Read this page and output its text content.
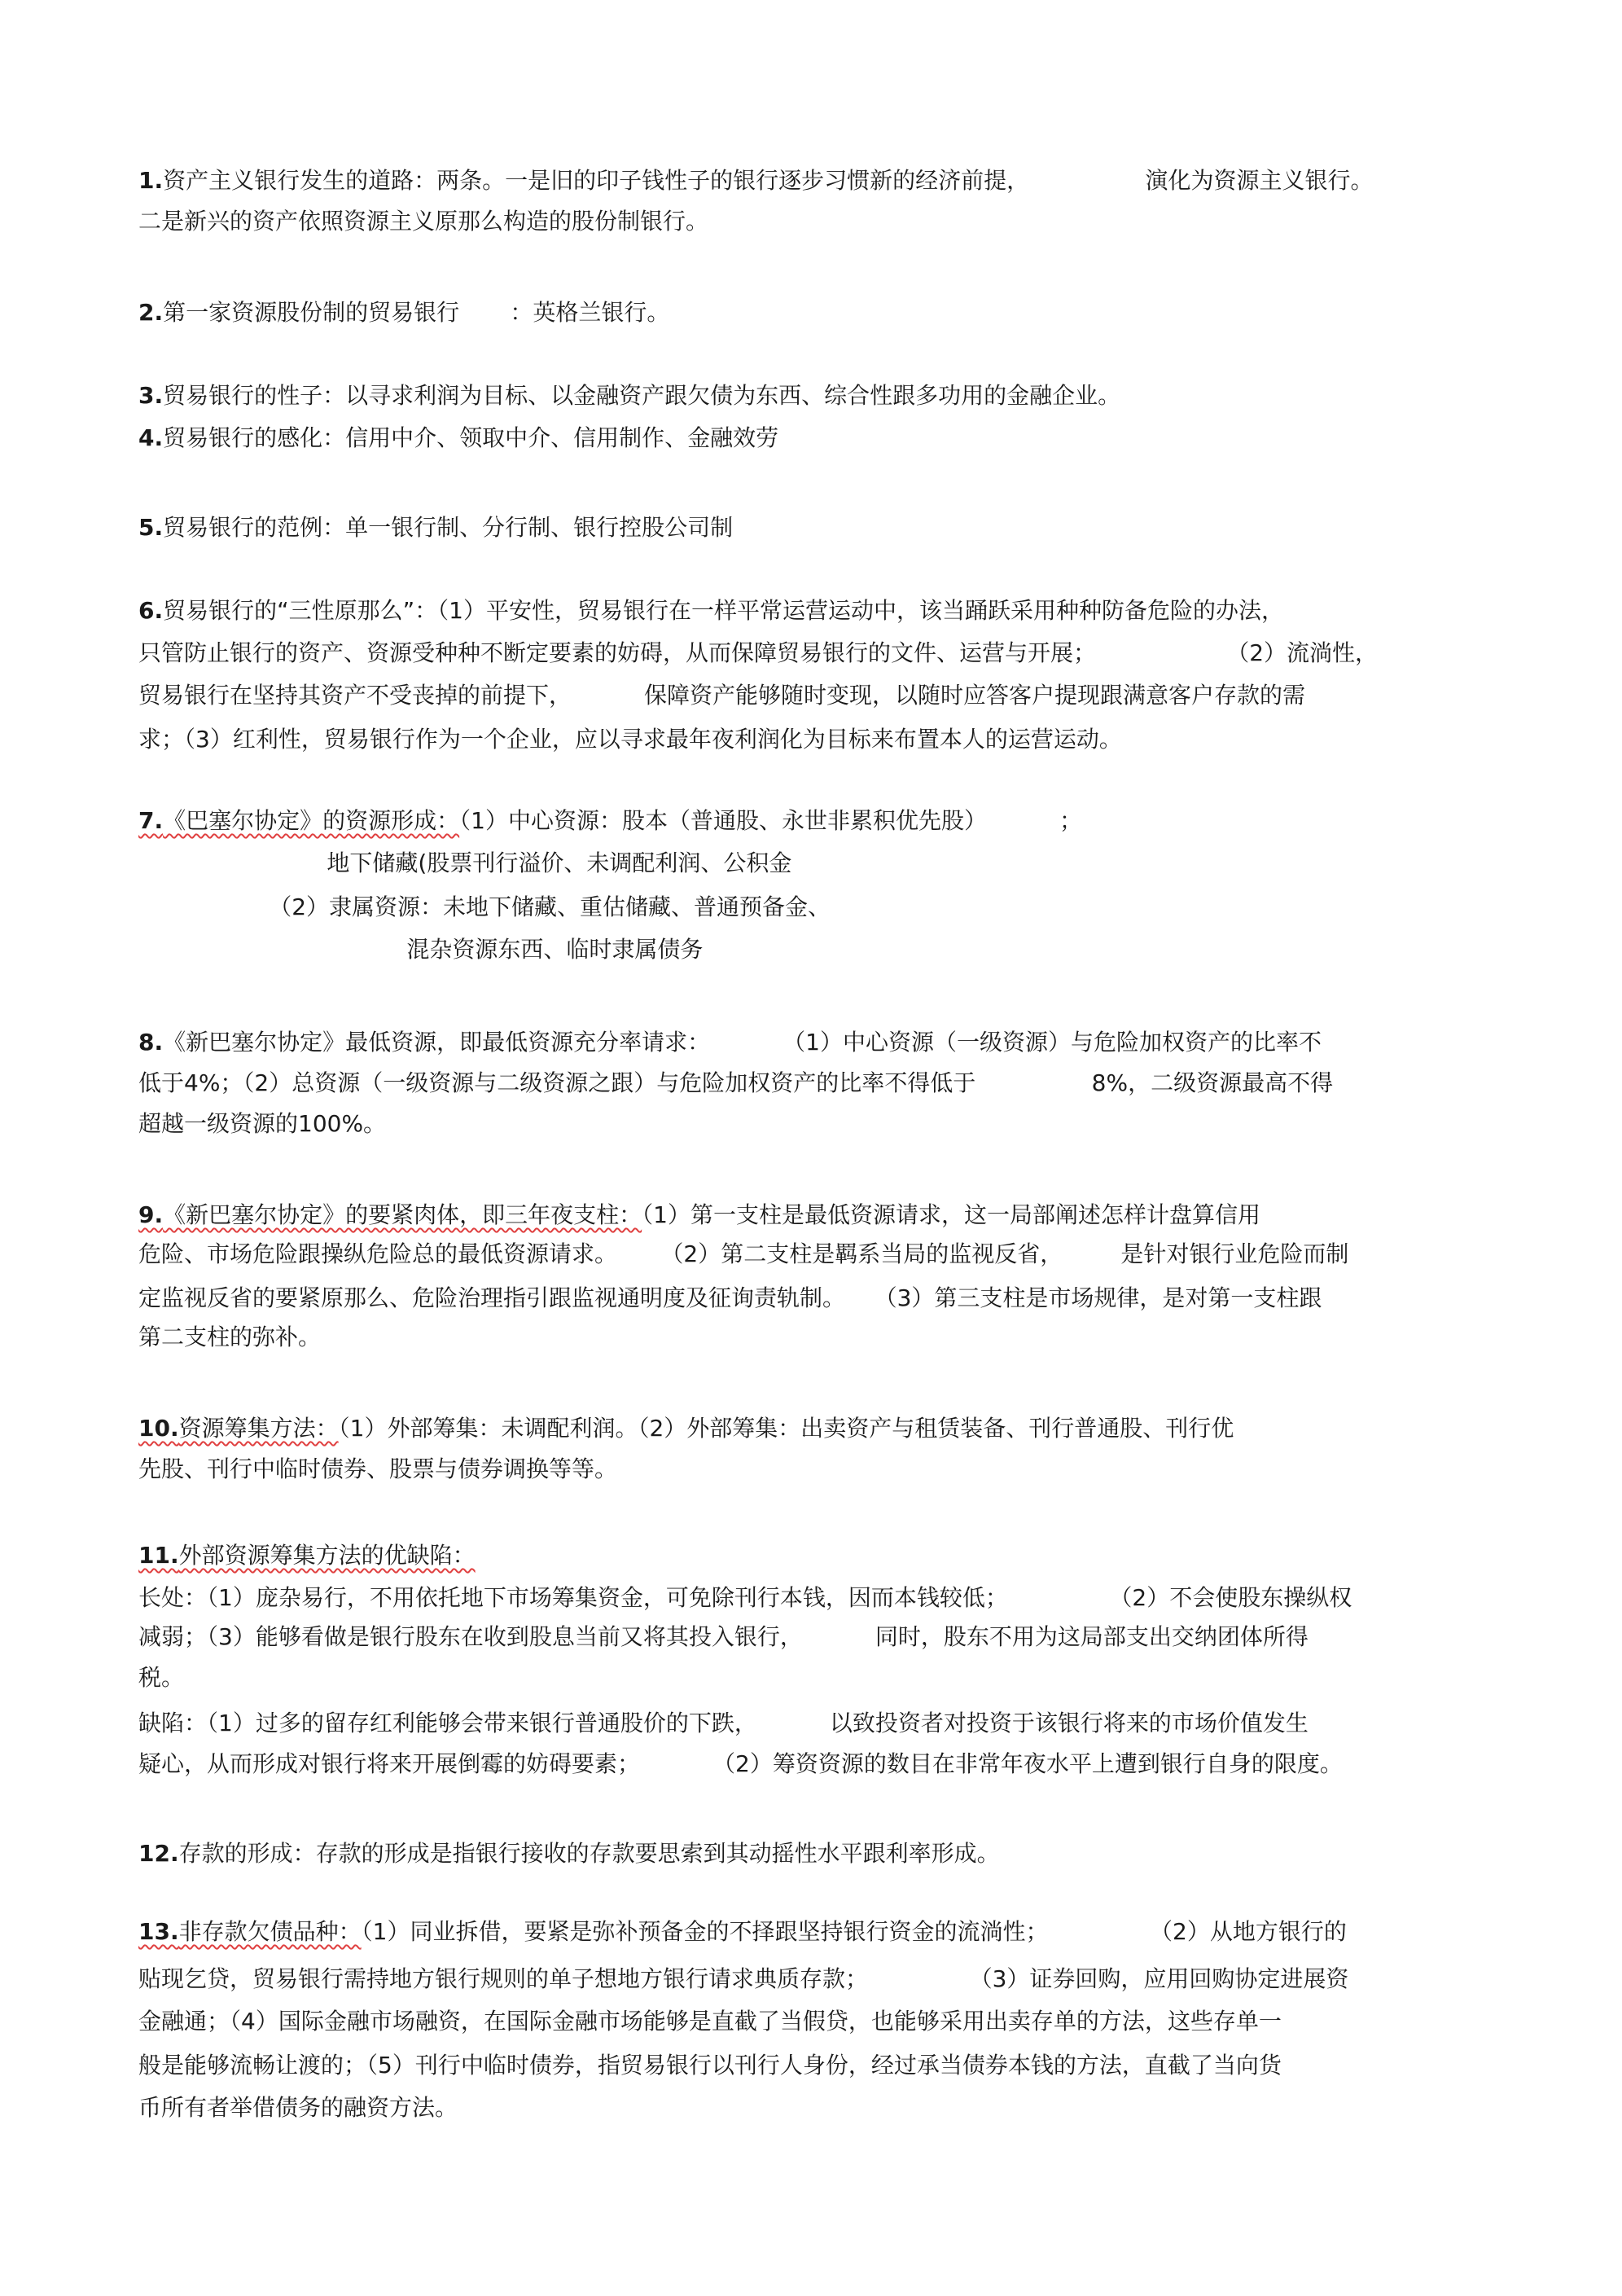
1.资产主义银行发生的道路：两条。一是旧的印子钱性子的银行逐步习惯新的经济前提，                演化为资源主义银行。

二是新兴的资产依照资源主义原那么构造的股份制银行。

2.第一家资源股份制的贸易银行       ：英格兰银行。

3.贸易银行的性子：以寻求利润为目标、以金融资产跟欠债为东西、综合性跟多功用的金融企业。

4.贸易银行的感化：信用中介、领取中介、信用制作、金融效劳

5.贸易银行的范例：单一银行制、分行制、银行控股公司制

6.贸易银行的“三性原那么”：（1）平安性，贸易银行在一样平常运营运动中，该当踊跃采用种种防备危险的办法，

只管防止银行的资产、资源受种种不断定要素的妨碍，从而保障贸易银行的文件、运营与开展；                  （2）流淌性，

贸易银行在坚持其资产不受丧掉的前提下，          保障资产能够随时变现，以随时应答客户提现跟满意客户存款的需

求；（3）红利性，贸易银行作为一个企业，应以寻求最年夜利润化为目标来布置本人的运营运动。

7.《巴塞尔协定》的资源形成：（1）中心资源：股本（普通股、永世非累积优先股）          ；

地下储藏(股票刊行溢价、未调配利润、公积金

（2）隶属资源：未地下储藏、重估储藏、普通预备金、

混杂资源东西、临时隶属债务

8.《新巴塞尔协定》最低资源，即最低资源充分率请求：          （1）中心资源（一级资源）与危险加权资产的比率不

低于4%；（2）总资源（一级资源与二级资源之跟）与危险加权资产的比率不得低于                8%，二级资源最高不得

超越一级资源的100%。

9.《新巴塞尔协定》的要紧肉体，即三年夜支柱：（1）第一支柱是最低资源请求，这一局部阐述怎样计盘算信用

危险、市场危险跟操纵危险总的最低资源请求。      （2）第二支柱是羁系当局的监视反省，        是针对银行业危险而制

定监视反省的要紧原那么、危险治理指引跟监视通明度及征询责轨制。    （3）第三支柱是市场规律，是对第一支柱跟

第二支柱的弥补。

10.资源筹集方法：（1）外部筹集：未调配利润。（2）外部筹集：出卖资产与租赁装备、刊行普通股、刊行优

先股、刊行中临时债券、股票与债券调换等等。

11.外部资源筹集方法的优缺陷：

长处：（1）庞杂易行，不用依托地下市场筹集资金，可免除刊行本钱，因而本钱较低；              （2）不会使股东操纵权

减弱；（3）能够看做是银行股东在收到股息当前又将其投入银行，          同时，股东不用为这局部支出交纳团体所得

税。

缺陷：（1）过多的留存红利能够会带来银行普通股价的下跌，          以致投资者对投资于该银行将来的市场价值发生

疑心，从而形成对银行将来开展倒霉的妨碍要素；          （2）筹资资源的数目在非常年夜水平上遭到银行自身的限度。

12.存款的形成：存款的形成是指银行接收的存款要思索到其动摇性水平跟利率形成。

13.非存款欠债品种：（1）同业拆借，要紧是弥补预备金的不择跟坚持银行资金的流淌性；              （2）从地方银行的

贴现乞贷，贸易银行需持地方银行规则的单子想地方银行请求典质存款；              （3）证券回购，应用回购协定进展资

金融通；（4）国际金融市场融资，在国际金融市场能够是直截了当假贷，也能够采用出卖存单的方法，这些存单一

般是能够流畅让渡的；（5）刊行中临时债券，指贸易银行以刊行人身份，经过承当债券本钱的方法，直截了当向货

币所有者举借债务的融资方法。
